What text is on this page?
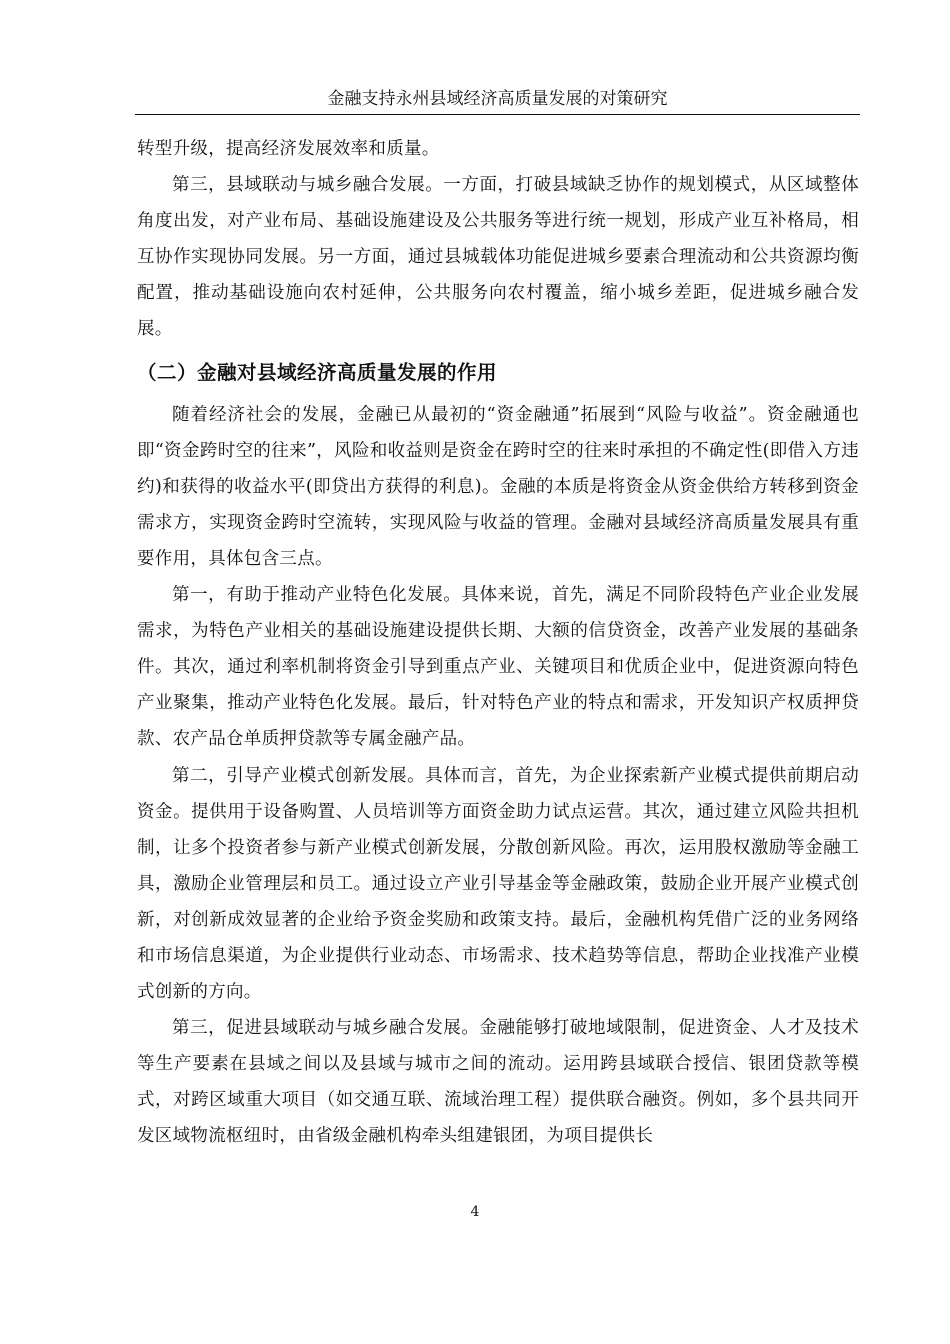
金融支持永州县域经济高质量发展的对策研究

转型升级，提高经济发展效率和质量。

第三，县域联动与城乡融合发展。一方面，打破县域缺乏协作的规划模式，从区域整体角度出发，对产业布局、基础设施建设及公共服务等进行统一规划，形成产业互补格局，相互协作实现协同发展。另一方面，通过县城载体功能促进城乡要素合理流动和公共资源均衡配置，推动基础设施向农村延伸，公共服务向农村覆盖，缩小城乡差距，促进城乡融合发展。

（二）金融对县域经济高质量发展的作用

随着经济社会的发展，金融已从最初的“资金融通”拓展到“风险与收益”。资金融通也即“资金跨时空的往来”，风险和收益则是资金在跨时空的往来时承担的不确定性(即借入方违约)和获得的收益水平(即贷出方获得的利息)。金融的本质是将资金从资金供给方转移到资金需求方，实现资金跨时空流转，实现风险与收益的管理。金融对县域经济高质量发展具有重要作用，具体包含三点。

第一，有助于推动产业特色化发展。具体来说，首先，满足不同阶段特色产业企业发展需求，为特色产业相关的基础设施建设提供长期、大额的信贷资金，改善产业发展的基础条件。其次，通过利率机制将资金引导到重点产业、关键项目和优质企业中，促进资源向特色产业聚集，推动产业特色化发展。最后，针对特色产业的特点和需求，开发知识产权质押贷款、农产品仓单质押贷款等专属金融产品。

第二，引导产业模式创新发展。具体而言，首先，为企业探索新产业模式提供前期启动资金。提供用于设备购置、人员培训等方面资金助力试点运营。其次，通过建立风险共担机制，让多个投资者参与新产业模式创新发展，分散创新风险。再次，运用股权激励等金融工具，激励企业管理层和员工。通过设立产业引导基金等金融政策，鼓励企业开展产业模式创新，对创新成效显著的企业给予资金奖励和政策支持。最后，金融机构凭借广泛的业务网络和市场信息渠道，为企业提供行业动态、市场需求、技术趋势等信息，帮助企业找准产业模式创新的方向。

第三，促进县域联动与城乡融合发展。金融能够打破地域限制，促进资金、人才及技术等生产要素在县域之间以及县域与城市之间的流动。运用跨县域联合授信、银团贷款等模式，对跨区域重大项目（如交通互联、流域治理工程）提供联合融资。例如，多个县共同开发区域物流枢纽时，由省级金融机构牵头组建银团，为项目提供长

4
